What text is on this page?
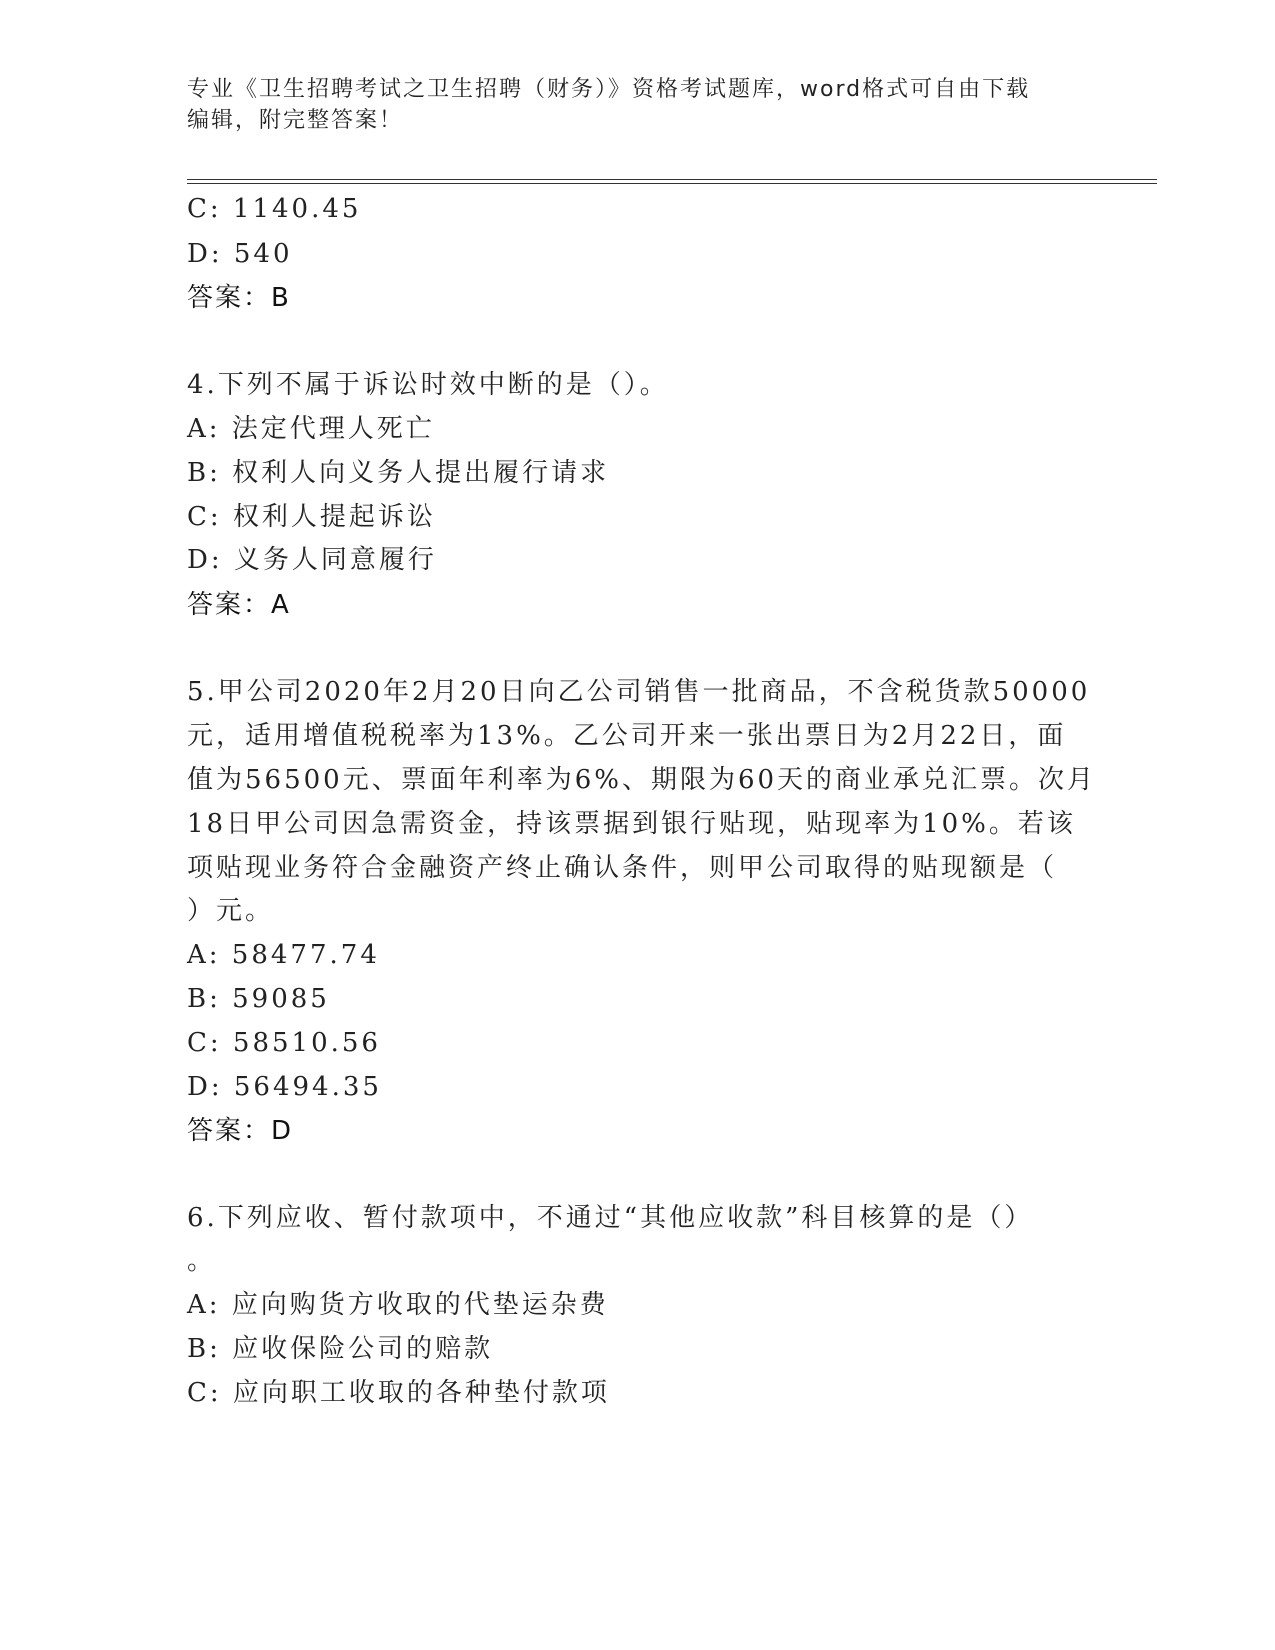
专业《卫生招聘考试之卫生招聘（财务）》资格考试题库，word格式可自由下载
编辑，附完整答案！
C: 1140.45
D: 540
答案：B
4.下列不属于诉讼时效中断的是（）。
A: 法定代理人死亡
B: 权利人向义务人提出履行请求
C: 权利人提起诉讼
D: 义务人同意履行
答案：A
5.甲公司2020年2月20日向乙公司销售一批商品，不含税货款50000
元，适用增值税税率为13%。乙公司开来一张出票日为2月22日，面
值为56500元、票面年利率为6%、期限为60天的商业承兑汇票。次月
18日甲公司因急需资金，持该票据到银行贴现，贴现率为10%。若该
项贴现业务符合金融资产终止确认条件，则甲公司取得的贴现额是（
）元。
A: 58477.74
B: 59085
C: 58510.56
D: 56494.35
答案：D
6.下列应收、暂付款项中，不通过“其他应收款”科目核算的是（）
。
A: 应向购货方收取的代垫运杂费
B: 应收保险公司的赔款
C: 应向职工收取的各种垫付款项
